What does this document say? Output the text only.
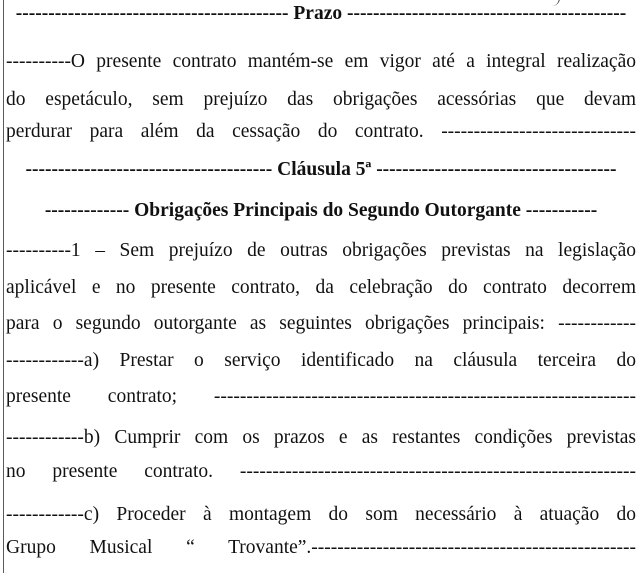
------------------------------------------ Prazo -------------------------------------------
----------O presente contrato mantém-se em vigor até a integral realização
do espetáculo, sem prejuízo das obrigações acessórias que devam
perdurar para além da cessação do contrato. ------------------------------
-------------------------------------- Cláusula 5ª -------------------------------------
------------- Obrigações Principais do Segundo Outorgante -----------
----------1 – Sem prejuízo de outras obrigações previstas na legislação
aplicável e no presente contrato, da celebração do contrato decorrem
para o segundo outorgante as seguintes obrigações principais: ------------
------------a) Prestar o serviço identificado na cláusula terceira do
presente contrato; -----------------------------------------------------------------
------------b) Cumprir com os prazos e as restantes condições previstas
no presente contrato. -------------------------------------------------------------
------------c) Proceder à montagem do som necessário à atuação do
Grupo Musical “ Trovante”.--------------------------------------------------
